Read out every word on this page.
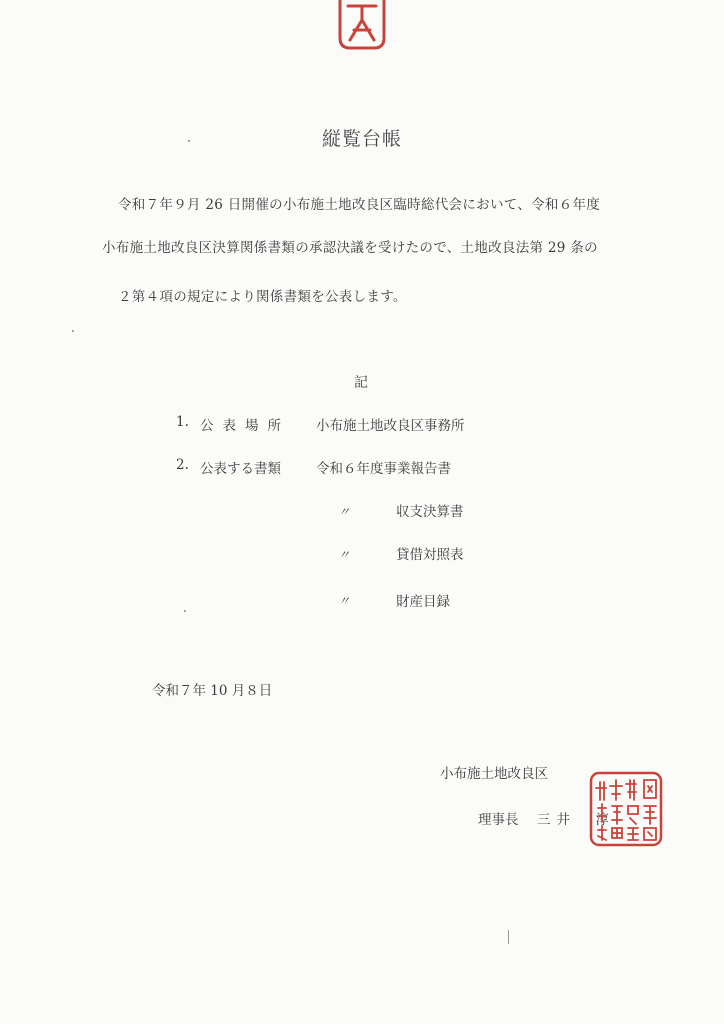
縦覧台帳
令和７年９月 26 日開催の小布施土地改良区臨時総代会において、令和６年度
小布施土地改良区決算関係書類の承認決議を受けたので、土地改良法第 29 条の
２第４項の規定により関係書類を公表します。
記
1. 公表場所 小布施土地改良区事務所
2. 公表する書類	令和６年度事業報告書
〃	収支決算書
〃	貸借対照表
〃	財産目録
令和７年 10 月８日
小布施土地改良区
理事長 三井　淳
